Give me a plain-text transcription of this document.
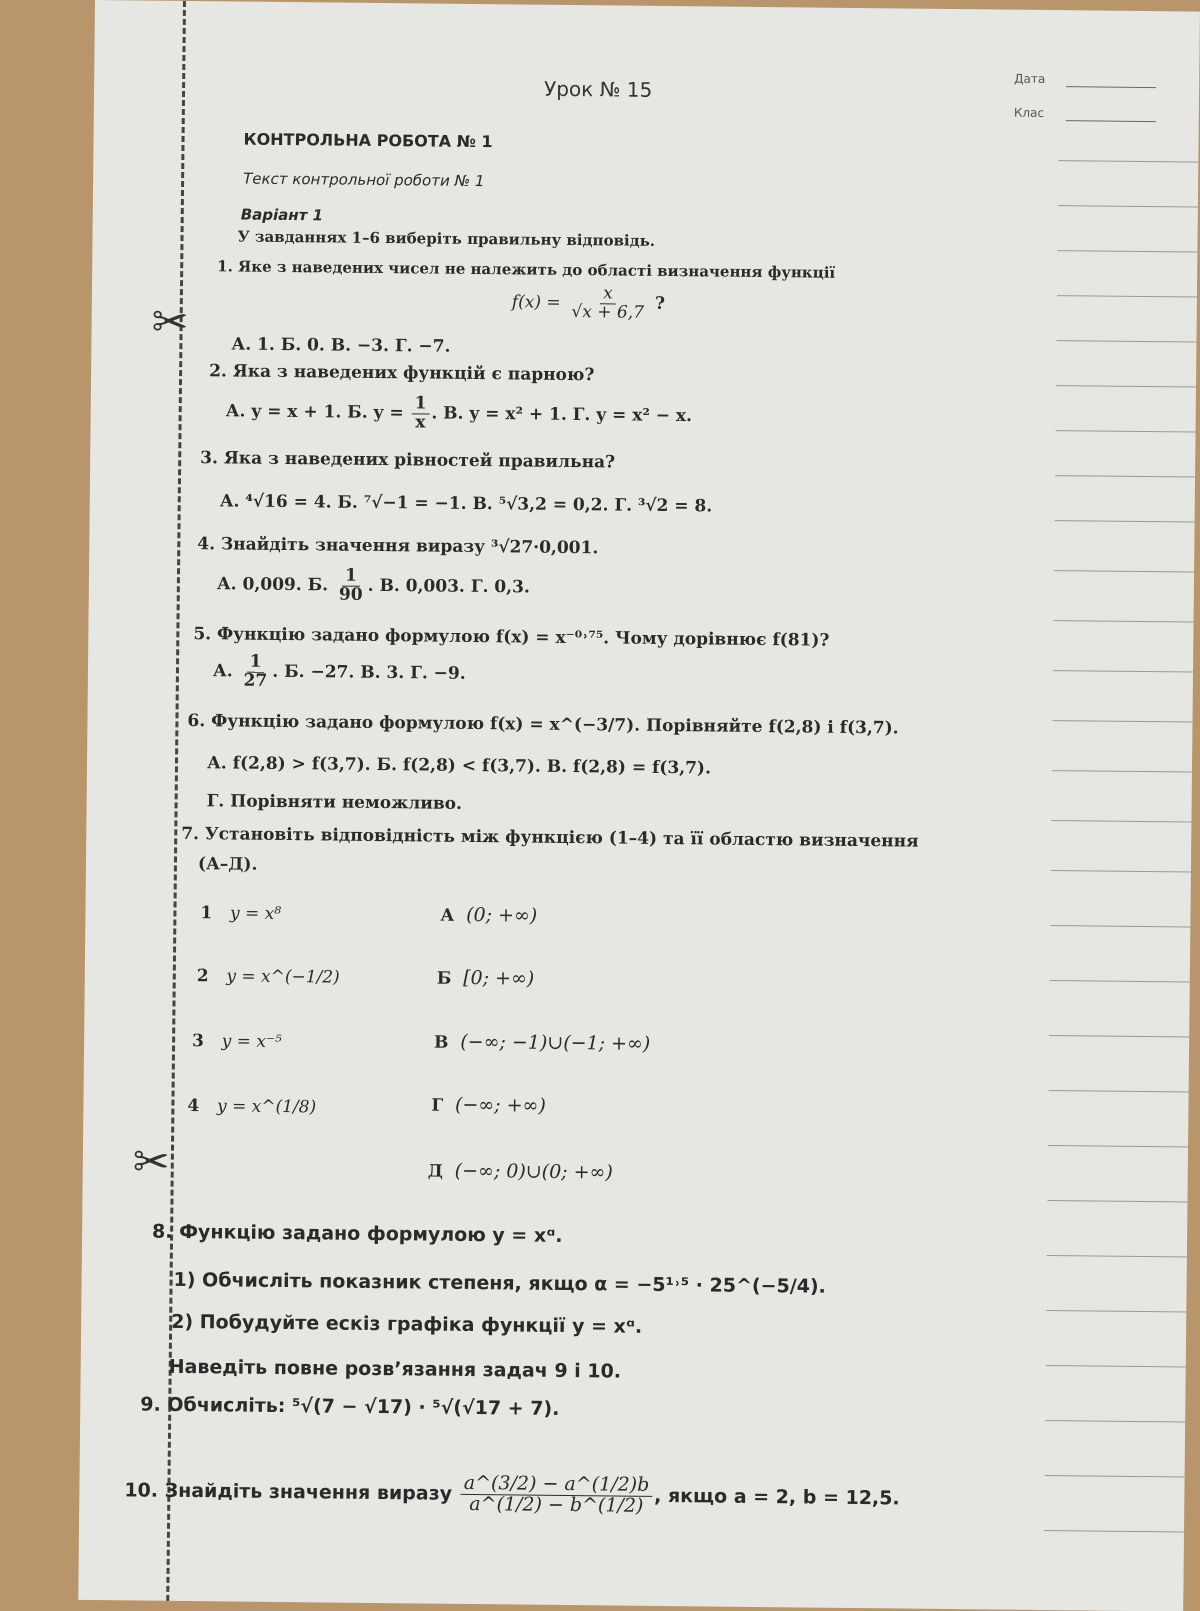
✂
✂
Урок № 15	Дата
Клас
КОНТРОЛЬНА РОБОТА № 1
Текст контрольної роботи № 1
Варіант 1
У завданнях 1–6 виберіть правильну відповідь.
1. Яке з наведених чисел не належить до області визначення функції
$f(x) = \frac{x}{√x + 6,7}$ ?
А. 1. Б. 0. В. −3. Г. −7.
2. Яка з наведених функцій є парною?
А. y = x + 1. Б. $y = \frac{1}{x}$ . В. y = x² + 1. Г. y = x² − x.
3. Яка з наведених рівностей правильна?
А. ⁴√16 = 4. Б. ⁷√−1 = −1. В. ⁵√3,2 = 0,2. Г. ³√2 = 8.
4. Знайдіть значення виразу ³√27·0,001.
А. 0,009. Б. $\frac{1}{90}$ . В. 0,003. Г. 0,3.
5. Функцію задано формулою f(x) = x⁻⁰˒⁷⁵. Чому дорівнює f(81)?
А. $\frac{1}{27}$ . Б. −27. В. 3. Г. −9.
6. Функцію задано формулою f(x) = x^(−3/7). Порівняйте f(2,8) і f(3,7).
А. f(2,8) > f(3,7). Б. f(2,8) < f(3,7). В. f(2,8) = f(3,7).
Г. Порівняти неможливо.
7. Установіть відповідність між функцією (1–4) та її областю визначення
(А–Д).
1 y = x⁸
2 y = x^(−1/2)
3 y = x⁻⁵
4 y = x^(1/8)
А (0; +∞)
Б [0; +∞)
В (−∞; −1)∪(−1; +∞)
Г (−∞; +∞)
Д (−∞; 0)∪(0; +∞)
8. Функцію задано формулою y = xᵅ.
1) Обчисліть показник степеня, якщо α = −5¹˒⁵ · 25^(−5/4).
2) Побудуйте ескіз графіка функції y = xᵅ.
Наведіть повне розв’язання задач 9 і 10.
9. Обчисліть: ⁵√(7 − √17) · ⁵√(√17 + 7).
10. Знайдіть значення виразу $\frac{a\^{}(3/2) - a\^{}(1/2)b}{a\^{}(1/2) - b\^{}(1/2)}$ , якщо a = 2, b = 12,5.
